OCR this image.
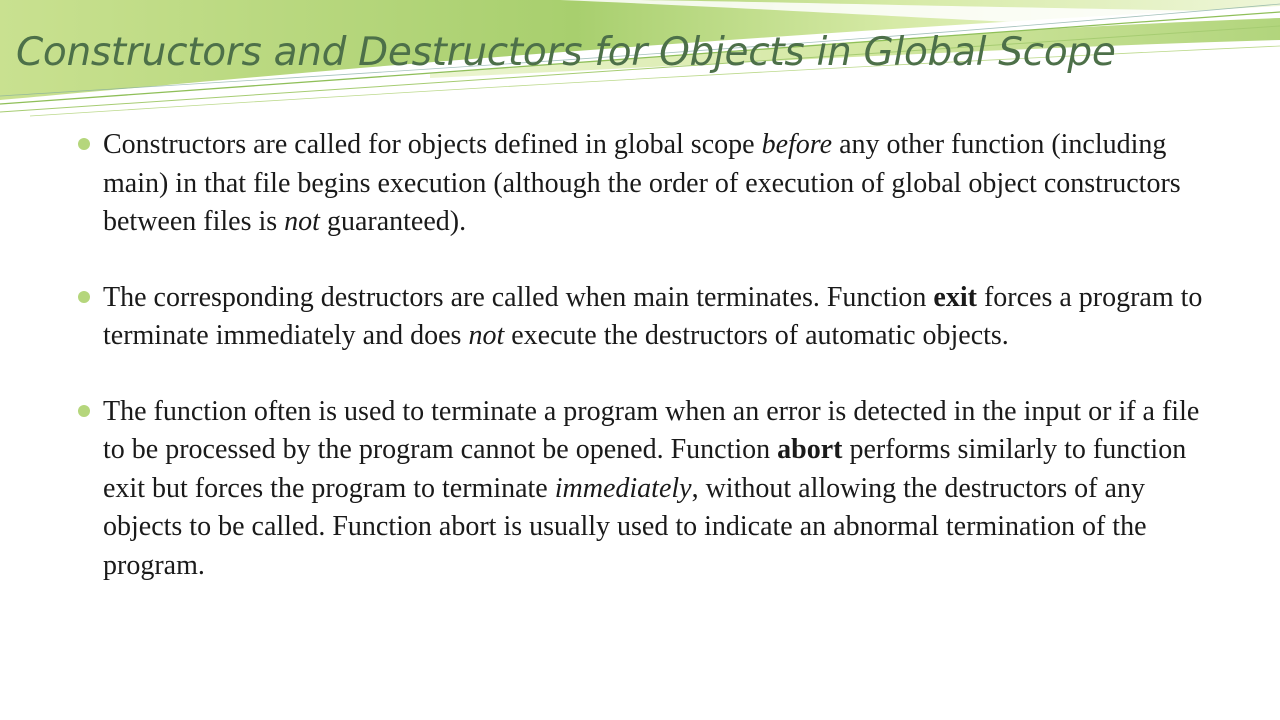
Constructors and Destructors for Objects in Global Scope
Constructors are called for objects defined in global scope before any other function (including main) in that file begins execution (although the order of execution of global object constructors between files is not guaranteed).
The corresponding destructors are called when main terminates. Function exit forces a program to terminate immediately and does not execute the destructors of automatic objects.
The function often is used to terminate a program when an error is detected in the input or if a file to be processed by the program cannot be opened. Function abort performs similarly to function exit but forces the program to terminate immediately, without allowing the destructors of any objects to be called. Function abort is usually used to indicate an abnormal termination of the program.
